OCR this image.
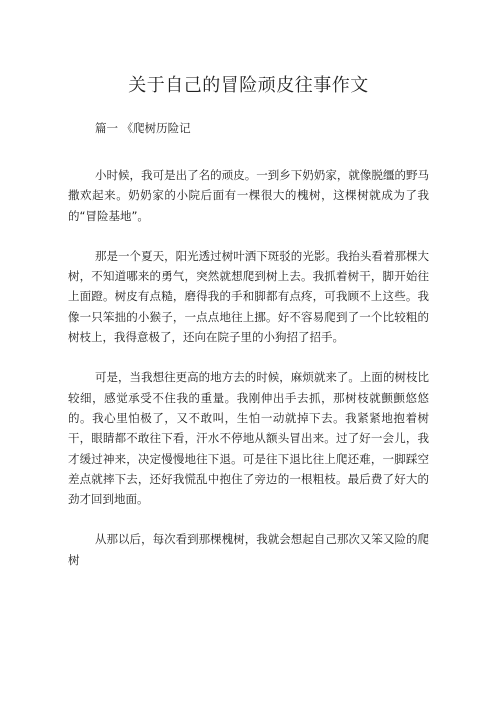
关于自己的冒险顽皮往事作文
篇一 《爬树历险记

小时候，我可是出了名的顽皮。一到乡下奶奶家，就像脱缰的野马撒欢起来。奶奶家的小院后面有一棵很大的槐树，这棵树就成为了我的“冒险基地”。

那是一个夏天，阳光透过树叶洒下斑驳的光影。我抬头看着那棵大树，不知道哪来的勇气，突然就想爬到树上去。我抓着树干，脚开始往上面蹬。树皮有点糙，磨得我的手和脚都有点疼，可我顾不上这些。我像一只笨拙的小猴子，一点点地往上挪。好不容易爬到了一个比较粗的树枝上，我得意极了，还向在院子里的小狗招了招手。

可是，当我想往更高的地方去的时候，麻烦就来了。上面的树枝比较细，感觉承受不住我的重量。我刚伸出手去抓，那树枝就颤颤悠悠的。我心里怕极了，又不敢叫，生怕一动就掉下去。我紧紧地抱着树干，眼睛都不敢往下看，汗水不停地从额头冒出来。过了好一会儿，我才缓过神来，决定慢慢地往下退。可是往下退比往上爬还难，一脚踩空差点就摔下去，还好我慌乱中抱住了旁边的一根粗枝。最后费了好大的劲才回到地面。

从那以后，每次看到那棵槐树，我就会想起自己那次又笨又险的爬树
